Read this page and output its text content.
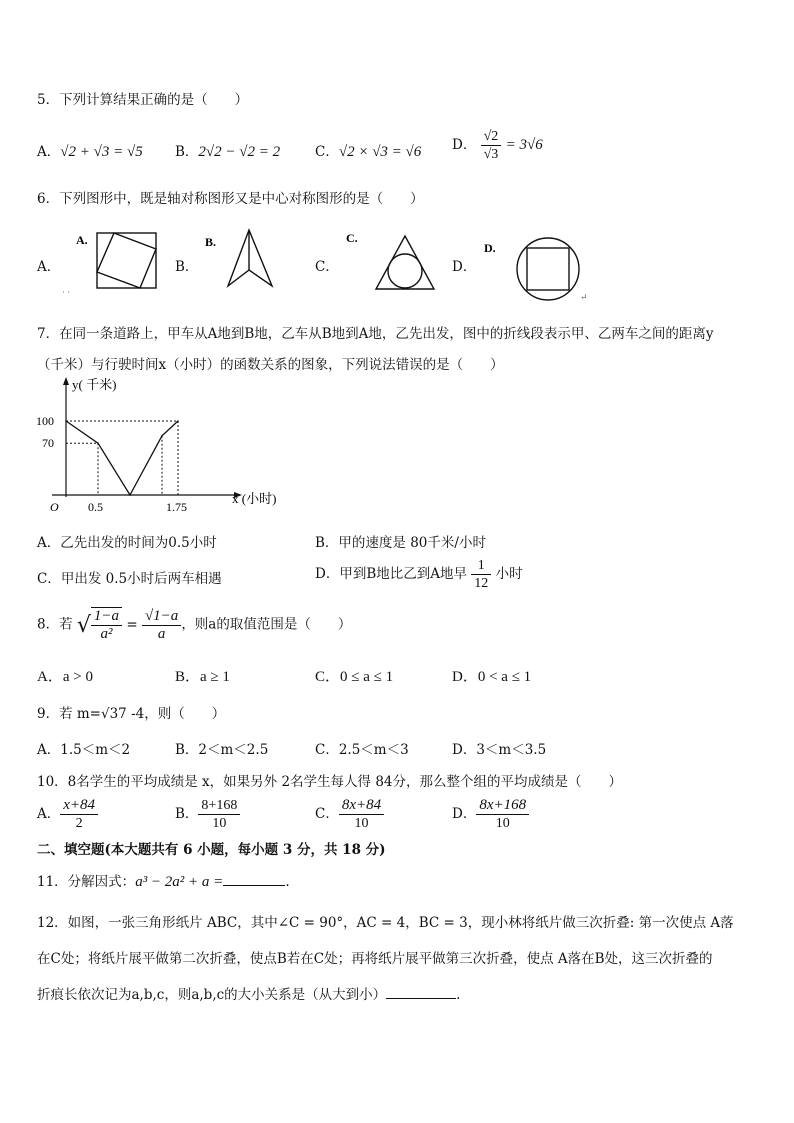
5．下列计算结果正确的是（　　）
A．√2 + √3 = √5 B．2√2 − √2 = 2	C．√2 × √3 = √6 D． $\frac{√2}{√3} = 3√6$
6．下列图形中，既是轴对称图形又是中心对称图形的是（　　）
A．	B．	C．	D．
A.
· ·
B.	C.
D.
↵
7．在同一条道路上，甲车从A地到B地，乙车从B地到A地，乙先出发，图中的折线段表示甲、乙两车之间的距离y
（千米）与行驶时间x（小时）的函数关系的图象，下列说法错误的是（　　）
y( 千米)
x (小时)
O
100
70
0.5	1.75
A．乙先出发的时间为0.5小时	B．甲的速度是 80千米/小时
C．甲出发 0.5小时后两车相遇	D．甲到B地比乙到A地早 $\frac{1}{12}$ 小时
8．若 √ $\frac{1-a}{\text{a²}} = \frac{√1-a}{a}$ ，则a的取值范围是（　　）
A．a > 0	B．a ≥ 1	C．0 ≤ a ≤ 1	D．0 < a ≤ 1
9．若 m=√37 -4，则（　　）
A．1.5＜m＜2	B．2＜m＜2.5	C．2.5＜m＜3	D．3＜m＜3.5
10．8名学生的平均成绩是 x，如果另外 2名学生每人得 84分，那么整个组的平均成绩是（　　）
A． $\frac{x+84}{2}$	B． $\frac{8+168}{10}$	C． $\frac{8x+84}{10}$	D． $\frac{8x+168}{10}$
二、填空题(本大题共有 6 小题，每小题 3 分，共 18 分)
11．分解因式：a³ − 2a² + a =	.
12．如图，一张三角形纸片 ABC，其中∠C = 90°，AC = 4，BC = 3，现小林将纸片做三次折叠: 第一次使点 A落
在C处；将纸片展平做第二次折叠，使点B若在C处；再将纸片展平做第三次折叠，使点 A落在B处，这三次折叠的
折痕长依次记为a,b,c，则a,b,c的大小关系是（从大到小）	.
